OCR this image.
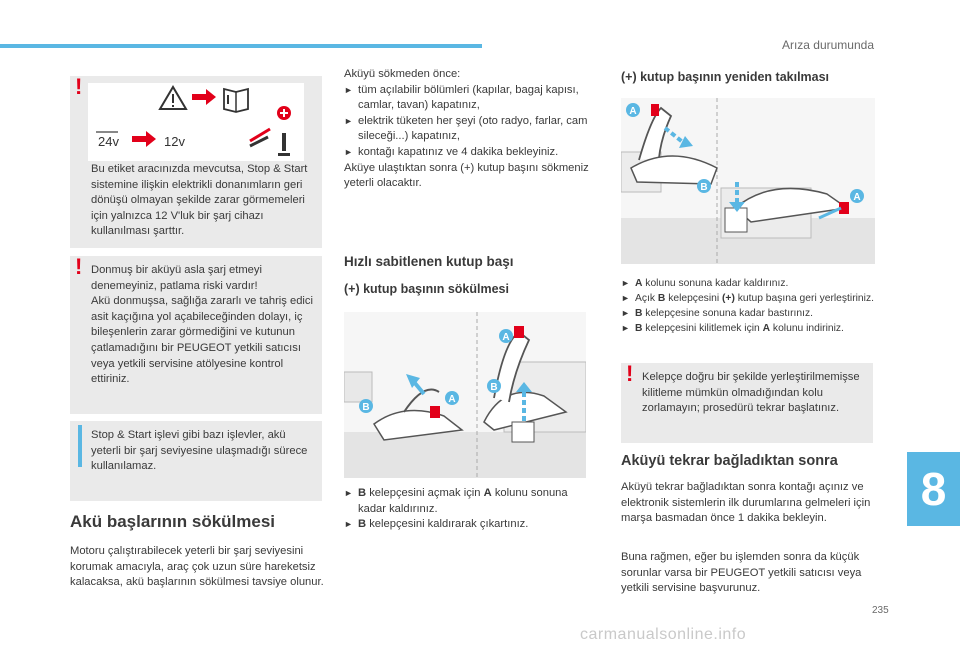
Arıza durumunda
8
235
carmanualsonline.info
!
24v	12v
Bu etiket aracınızda mevcutsa, Stop & Start sistemine ilişkin elektrikli donanımların geri dönüşü olmayan şekilde zarar görmemeleri için yalnızca 12 V'luk bir şarj cihazı kullanılması şarttır.
! Donmuş bir aküyü asla şarj etmeyi denemeyiniz, patlama riski vardır!

Akü donmuşsa, sağlığa zararlı ve tahriş edici asit kaçığına yol açabileceğinden dolayı, iç bileşenlerin zarar görmediğini ve kutunun çatlamadığını bir PEUGEOT yetkili satıcısı veya yetkili servisine atölyesine kontrol ettiriniz.

Stop & Start işlevi gibi bazı işlevler, akü yeterli bir şarj seviyesine ulaşmadığı sürece kullanılamaz.
Akü başlarının sökülmesi
Motoru çalıştırabilecek yeterli bir şarj seviyesini korumak amacıyla, araç çok uzun süre hareketsiz kalacaksa, akü başlarının sökülmesi tavsiye olunur.

Aküyü sökmeden önce:

► tüm açılabilir bölümleri (kapılar, bagaj kapısı, camlar, tavan) kapatınız,
► elektrik tüketen her şeyi (oto radyo, farlar, cam sileceği...) kapatınız,
► kontağı kapatınız ve 4 dakika bekleyiniz.

Aküye ulaştıktan sonra (+) kutup başını sökmeniz yeterli olacaktır.

Hızlı sabitlenen kutup başı
(+) kutup başının sökülmesi
A
B
A
B
► B kelepçesini açmak için A kolunu sonuna kadar kaldırınız.
► B kelepçesini kaldırarak çıkartınız.
(+) kutup başının yeniden takılması
A
B
A
► A kolunu sonuna kadar kaldırınız.
► Açık B kelepçesini (+) kutup başına geri yerleştiriniz.
► B kelepçesine sonuna kadar bastırınız.
► B kelepçesini kilitlemek için A kolunu indiriniz.
! Kelepçe doğru bir şekilde yerleştirilmemişse kilitleme mümkün olmadığından kolu zorlamayın; prosedürü tekrar başlatınız.
Aküyü tekrar bağladıktan sonra
Aküyü tekrar bağladıktan sonra kontağı açınız ve elektronik sistemlerin ilk durumlarına gelmeleri için marşa basmadan önce 1 dakika bekleyin.
Buna rağmen, eğer bu işlemden sonra da küçük sorunlar varsa bir PEUGEOT yetkili satıcısı veya yetkili servisine başvurunuz.
